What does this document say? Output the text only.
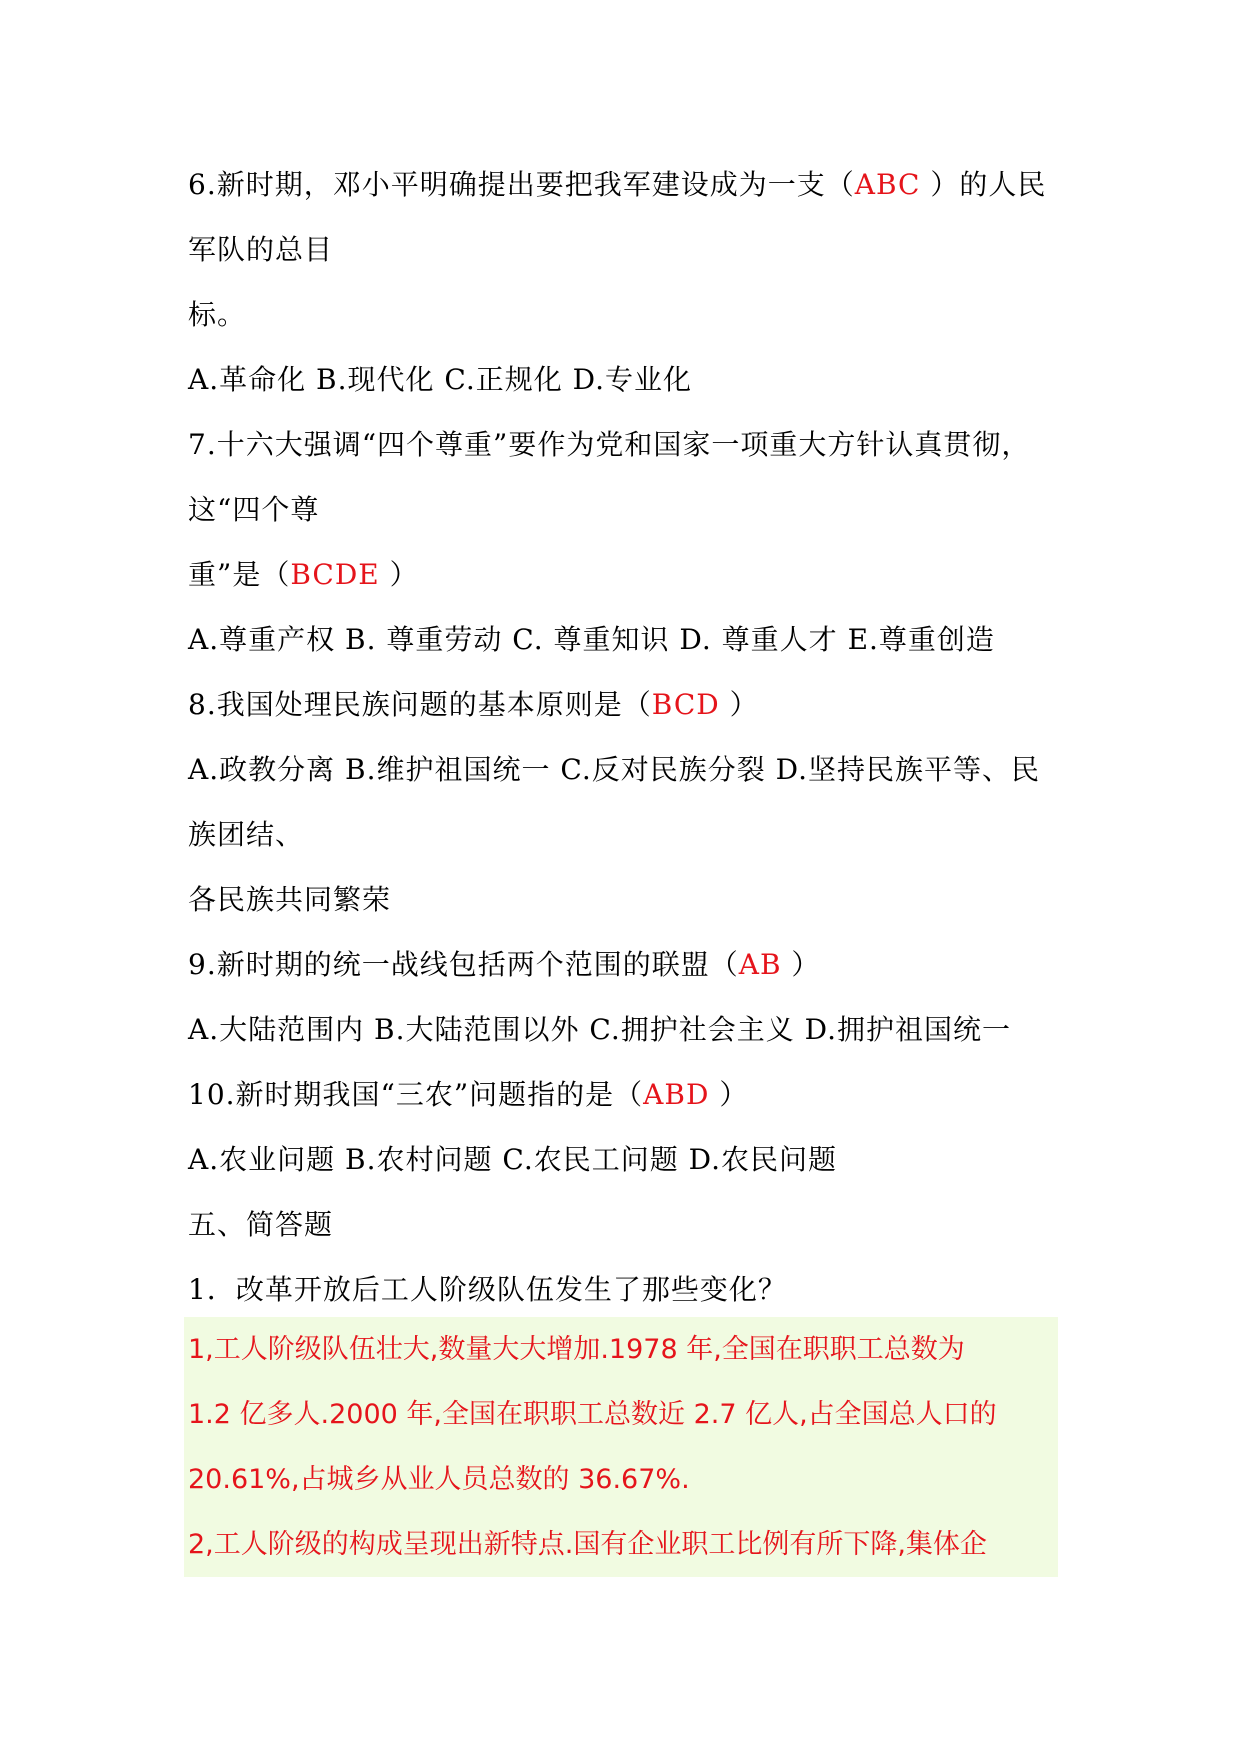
6.新时期，邓小平明确提出要把我军建设成为一支（ABC ）的人民
军队的总目
标。
A.革命化 B.现代化 C.正规化 D.专业化
7.十六大强调“四个尊重”要作为党和国家一项重大方针认真贯彻，
这“四个尊
重”是（BCDE ）
A.尊重产权 B. 尊重劳动 C. 尊重知识 D. 尊重人才 E.尊重创造
8.我国处理民族问题的基本原则是（BCD ）
A.政教分离 B.维护祖国统一 C.反对民族分裂 D.坚持民族平等、民
族团结、
各民族共同繁荣
9.新时期的统一战线包括两个范围的联盟（AB ）
A.大陆范围内 B.大陆范围以外 C.拥护社会主义 D.拥护祖国统一
10.新时期我国“三农”问题指的是（ABD ）
A.农业问题 B.农村问题 C.农民工问题 D.农民问题
五、简答题
1．改革开放后工人阶级队伍发生了那些变化？
1,工人阶级队伍壮大,数量大大增加.1978 年,全国在职职工总数为
1.2 亿多人.2000 年,全国在职职工总数近 2.7 亿人,占全国总人口的
20.61%,占城乡从业人员总数的 36.67%.
2,工人阶级的构成呈现出新特点.国有企业职工比例有所下降,集体企
